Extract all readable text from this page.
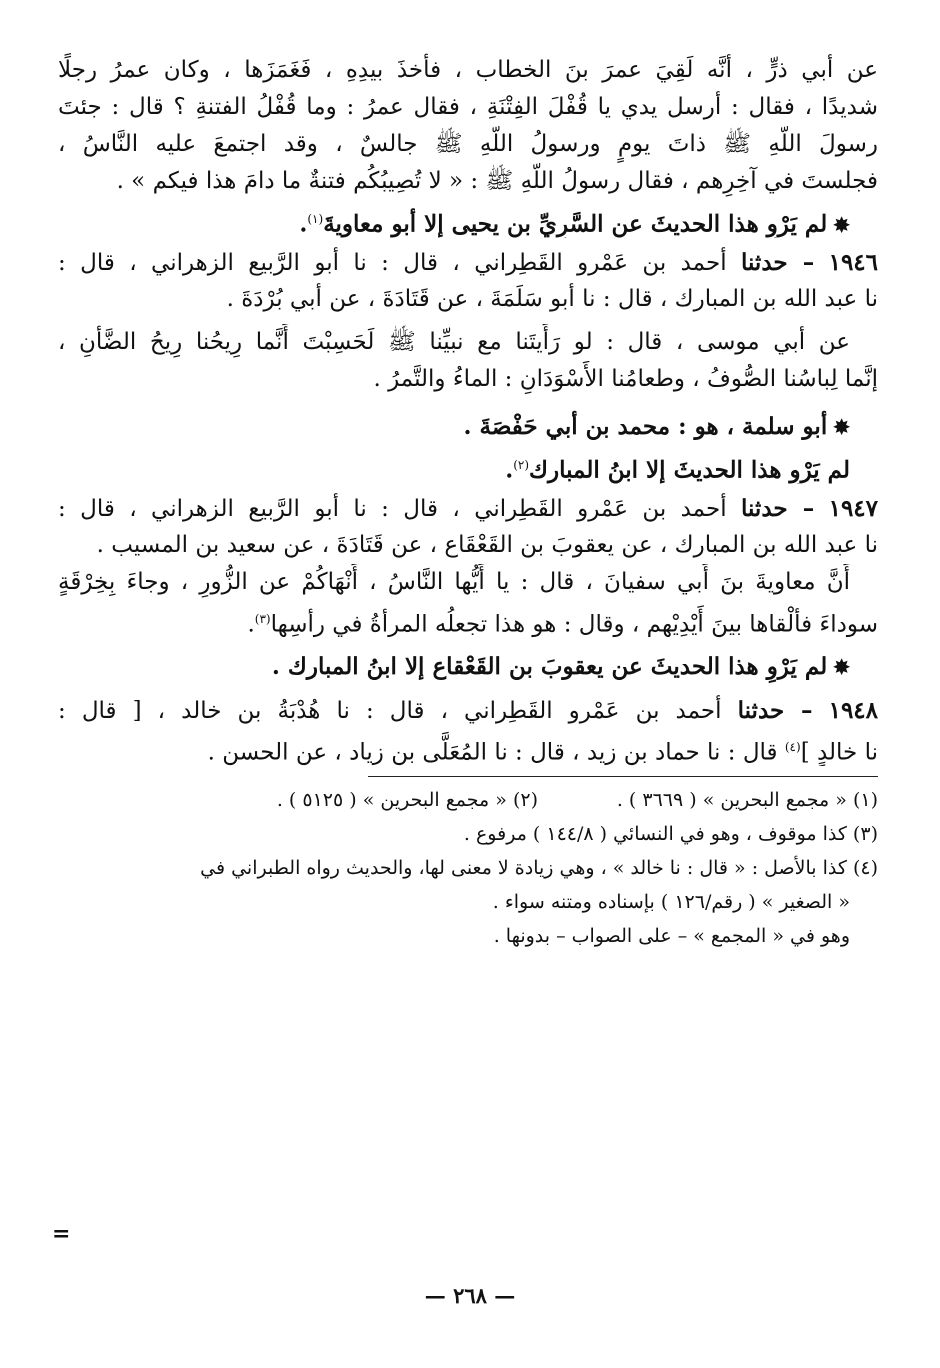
عن أبي ذرٍّ ، أنَّه لَقِيَ عمرَ بنَ الخطاب ، فأخذَ بيدِهِ ، فَغَمَزَها ، وكان عمرُ رجلًا
شديدًا ، فقال : أرسل يدي يا قُفْلَ الفِتْنَةِ ، فقال عمرُ : وما قُفْلُ الفتنةِ ؟ قال : جئتَ
رسولَ اللَّهِ ﷺ ذاتَ يومٍ ورسولُ اللَّهِ ﷺ جالسٌ ، وقد اجتمعَ عليه النَّاسُ ،
فجلستَ في آخِرِهم ، فقال رسولُ اللَّهِ ﷺ : « لا تُصِيبُكُم فتنةٌ ما دامَ هذا فيكم » .
✸لم يَرْوِ هذا الحديثَ عن السَّرِيِّ بن يحيى إلا أبو معاويةَ$^{(١)}$.
١٩٤٦ – حدثنا أحمد بن عَمْرو القَطِراني ، قال : نا أبو الرَّبيع الزهراني ، قال :
نا عبد الله بن المبارك ، قال : نا أبو سَلَمَةَ ، عن قَتَادَةَ ، عن أبي بُرْدَةَ .
عن أبي موسى ، قال : لو رَأَيتَنا مع نبيِّنا ﷺ لَحَسِبْتَ أَنَّما رِيحُنا رِيحُ الضَّأْنِ ،
إنَّما لِباسُنا الصُّوفُ ، وطعامُنا الأَسْوَدَانِ : الماءُ والتَّمرُ .
✸أبو سلمة ، هو : محمد بن أبي حَفْصَةَ .
لم يَرْوِ هذا الحديثَ إلا ابنُ المبارك$^{(٢)}$.
١٩٤٧ – حدثنا أحمد بن عَمْرو القَطِراني ، قال : نا أبو الرَّبيع الزهراني ، قال :
نا عبد الله بن المبارك ، عن يعقوبَ بن القَعْقَاع ، عن قَتَادَةَ ، عن سعيد بن المسيب .
أَنَّ معاويةَ بنَ أَبي سفيانَ ، قال : يا أَيُّها النَّاسُ ، أَنْهَاكُمْ عن الزُّورِ ، وجاءَ بِخِرْقَةٍ
سوداءَ فألْقاها بينَ أَيْدِيْهِم ، وقال : هو هذا تجعلُه المرأةُ في رأسِها$^{(٣)}$.
✸لم يَرْوِ هذا الحديثَ عن يعقوبَ بن القَعْقاع إلا ابنُ المبارك .
١٩٤٨ – حدثنا أحمد بن عَمْرو القَطِراني ، قال : نا هُدْبَةُ بن خالد ، [ قال :
نا خالدٍ ]$^{(٤)}$ قال : نا حماد بن زيد ، قال : نا المُعَلَّى بن زياد ، عن الحسن .
(١) « مجمع البحرين » ( ٣٦٦٩ ) .
(٢) « مجمع البحرين » ( ٥١٢٥ ) .
(٣) كذا موقوف ، وهو في النسائي ( ١٤٤/٨ ) مرفوع .
(٤) كذا بالأصل : « قال : نا خالد » ، وهي زيادة لا معنى لها، والحديث رواه الطبراني في
« الصغير » ( رقم/١٢٦ ) بإسناده ومتنه سواء .
وهو في « المجمع » – على الصواب – بدونها .
=
— ٢٦٨ —
